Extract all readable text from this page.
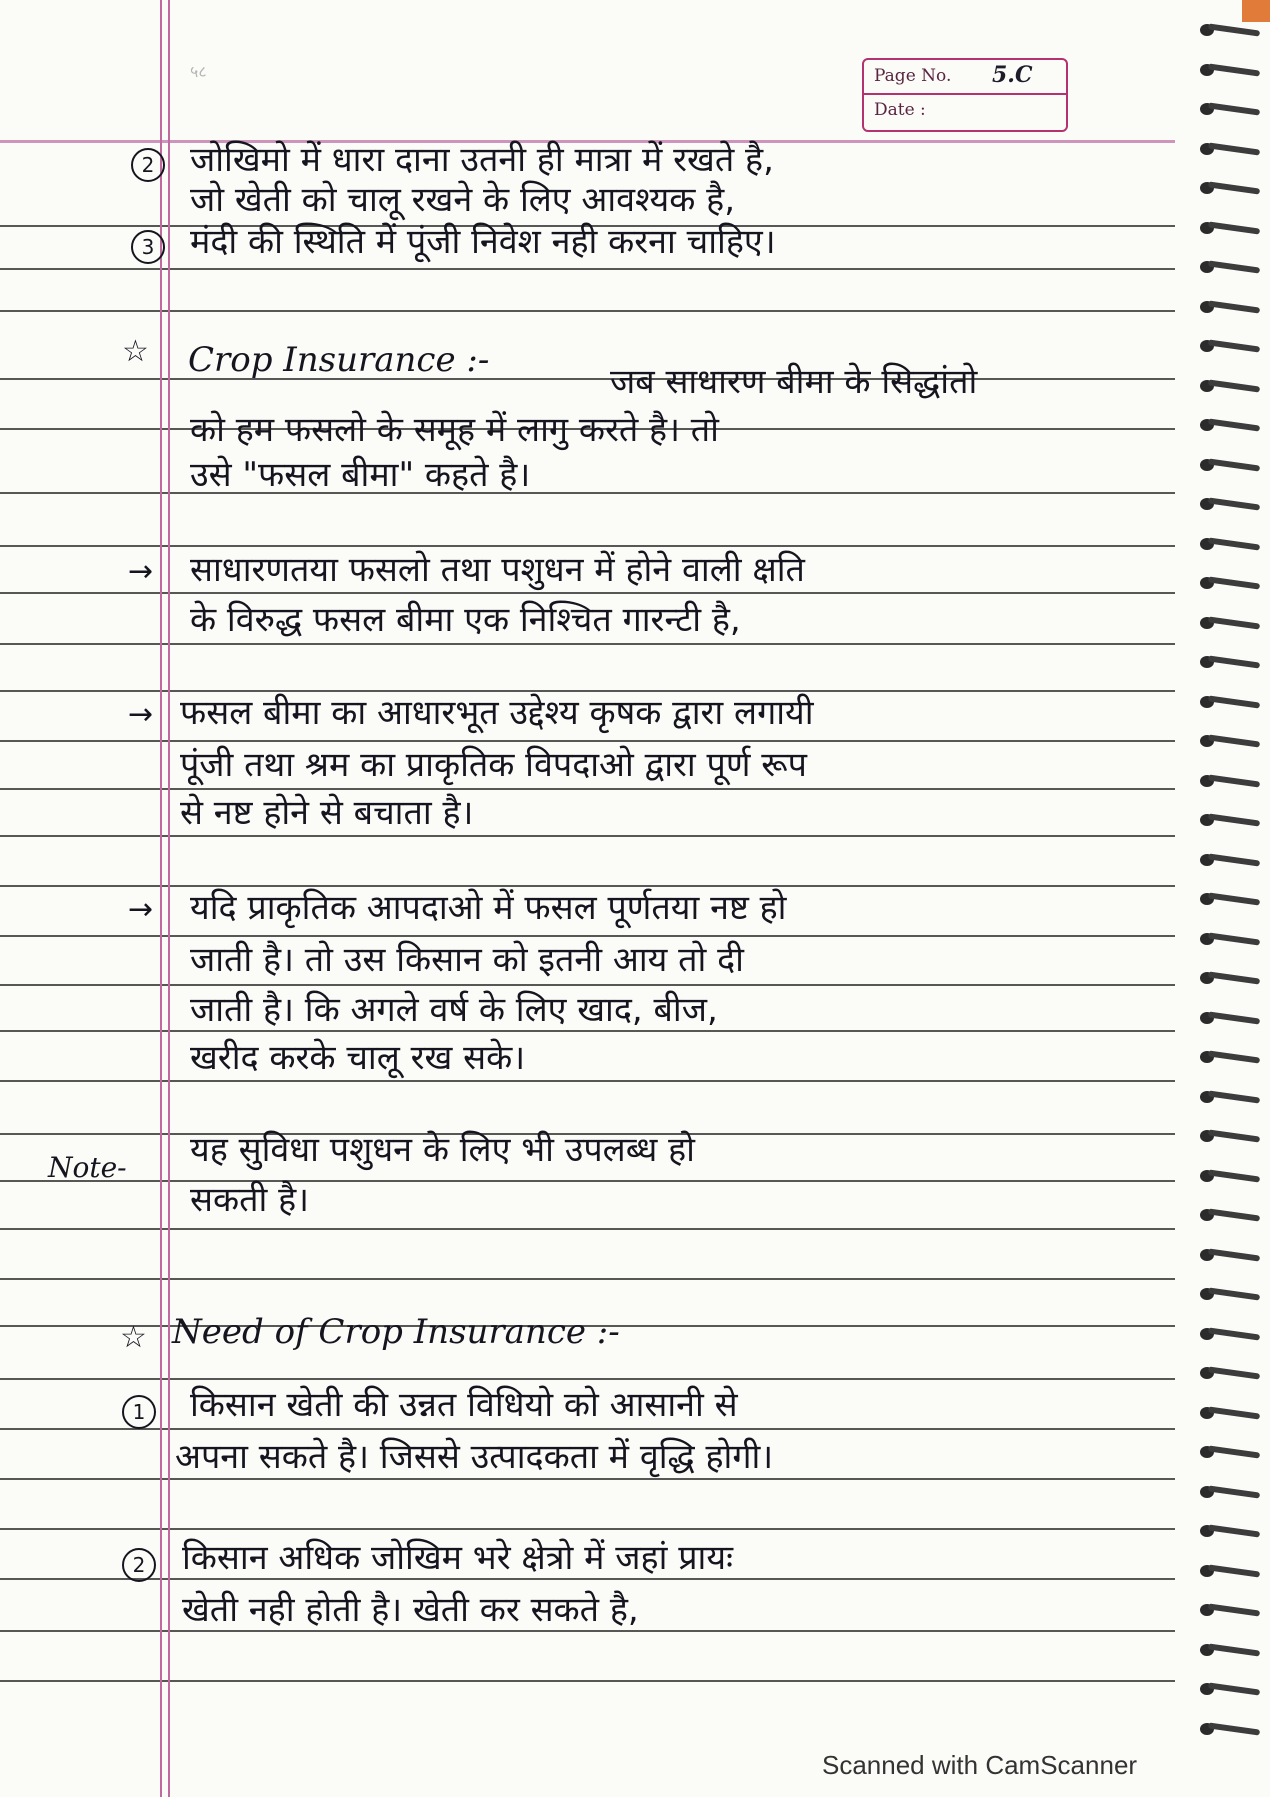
५८	Page No. 5.C
Date :
2	जोखिमो में धारा दाना उतनी ही मात्रा में रखते है,
जो खेती को चालू रखने के लिए आवश्यक है,
3	मंदी की स्थिति में पूंजी निवेश नही करना चाहिए।
☆ Crop Insurance :-
जब साधारण बीमा के सिद्धांतो
को हम फसलो के समूह में लागु करते है। तो
उसे "फसल बीमा" कहते है।
→ साधारणतया फसलो तथा पशुधन में होने वाली क्षति
के विरुद्ध फसल बीमा एक निश्चित गारन्टी है,
→ फसल बीमा का आधारभूत उद्देश्य कृषक द्वारा लगायी
पूंजी तथा श्रम का प्राकृतिक विपदाओ द्वारा पूर्ण रूप
से नष्ट होने से बचाता है।
→ यदि प्राकृतिक आपदाओ में फसल पूर्णतया नष्ट हो
जाती है। तो उस किसान को इतनी आय तो दी
जाती है। कि अगले वर्ष के लिए खाद, बीज,
खरीद करके चालू रख सके।
Note- यह सुविधा पशुधन के लिए भी उपलब्ध हो
सकती है।
☆ Need of Crop Insurance :-
1	किसान खेती की उन्नत विधियो को आसानी से
अपना सकते है। जिससे उत्पादकता में वृद्धि होगी।
2	किसान अधिक जोखिम भरे क्षेत्रो में जहां प्रायः
खेती नही होती है। खेती कर सकते है,
Scanned with CamScanner
